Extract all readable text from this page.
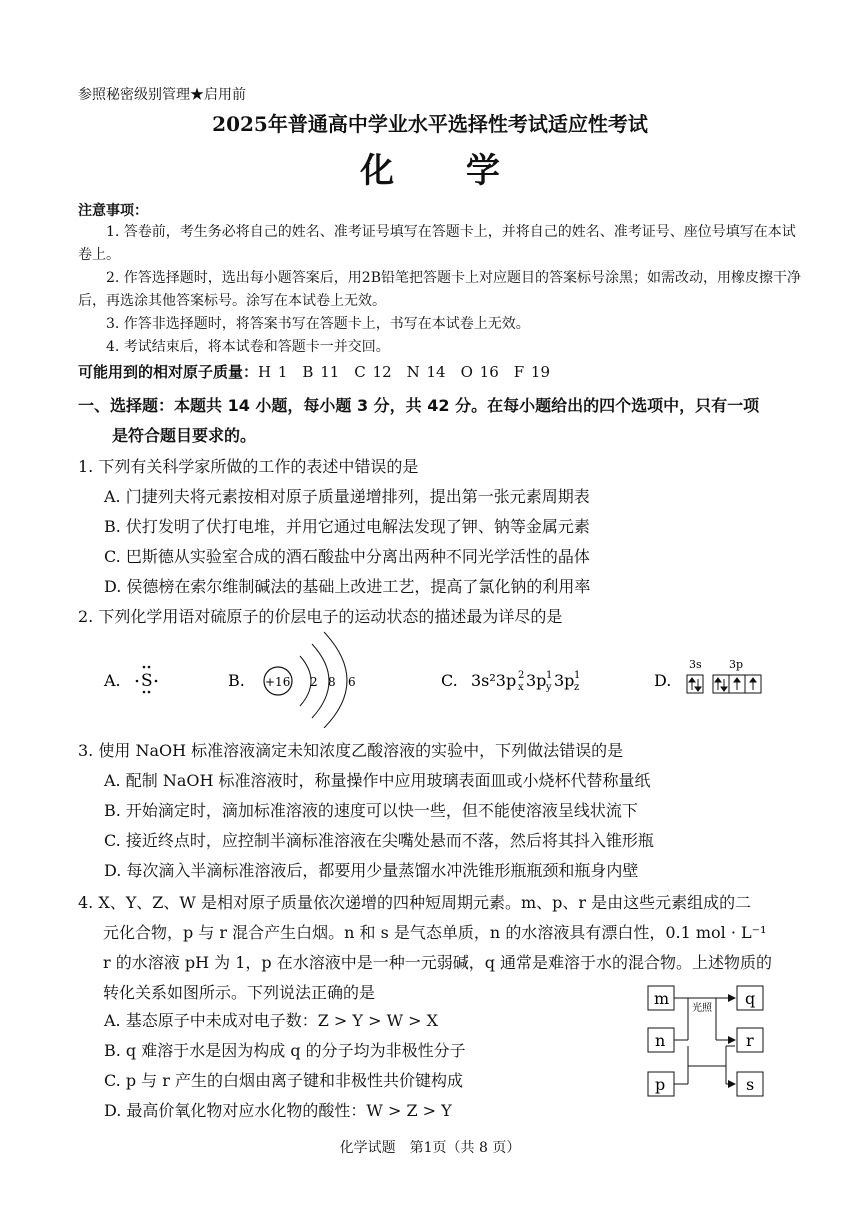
参照秘密级别管理★启用前
2025年普通高中学业水平选择性考试适应性考试
化 学
注意事项：
1. 答卷前，考生务必将自己的姓名、准考证号填写在答题卡上，并将自己的姓名、准考证号、座位号填写在本试卷上。
2. 作答选择题时，选出每小题答案后，用2B铅笔把答题卡上对应题目的答案标号涂黑；如需改动，用橡皮擦干净后，再选涂其他答案标号。涂写在本试卷上无效。
3. 作答非选择题时，将答案书写在答题卡上，书写在本试卷上无效。
4. 考试结束后，将本试卷和答题卡一并交回。
可能用到的相对原子质量：H 1　B 11　C 12　N 14　O 16　F 19
一、选择题：本题共 14 小题，每小题 3 分，共 42 分。在每小题给出的四个选项中，只有一项
是符合题目要求的。
1. 下列有关科学家所做的工作的表述中错误的是
A. 门捷列夫将元素按相对原子质量递增排列，提出第一张元素周期表
B. 伏打发明了伏打电堆，并用它通过电解法发现了钾、钠等金属元素
C. 巴斯德从实验室合成的酒石酸盐中分离出两种不同光学活性的晶体
D. 侯德榜在索尔维制碱法的基础上改进工艺，提高了氯化钠的利用率
2. 下列化学用语对硫原子的价层电子的运动状态的描述最为详尽的是
A. S	B. +16 2 8 6	C. 3s²3p x
2 3p y
1 3p z
1	D.
3s 3p
3. 使用 NaOH 标准溶液滴定未知浓度乙酸溶液的实验中，下列做法错误的是
A. 配制 NaOH 标准溶液时，称量操作中应用玻璃表面皿或小烧杯代替称量纸
B. 开始滴定时，滴加标准溶液的速度可以快一些，但不能使溶液呈线状流下
C. 接近终点时，应控制半滴标准溶液在尖嘴处悬而不落，然后将其抖入锥形瓶
D. 每次滴入半滴标准溶液后，都要用少量蒸馏水冲洗锥形瓶瓶颈和瓶身内壁
4. X、Y、Z、W 是相对原子质量依次递增的四种短周期元素。m、p、r 是由这些元素组成的二
元化合物，p 与 r 混合产生白烟。n 和 s 是气态单质，n 的水溶液具有漂白性，0.1 mol · L⁻¹
r 的水溶液 pH 为 1，p 在水溶液中是一种一元弱碱，q 通常是难溶于水的混合物。上述物质的
转化关系如图所示。下列说法正确的是
A. 基态原子中未成对电子数：Z > Y > W > X
B. q 难溶于水是因为构成 q 的分子均为非极性分子
C. p 与 r 产生的白烟由离子键和非极性共价键构成
D. 最高价氧化物对应水化物的酸性：W > Z > Y
m
n
p
q
r
s
光照
化学试题　第1页（共 8 页）
